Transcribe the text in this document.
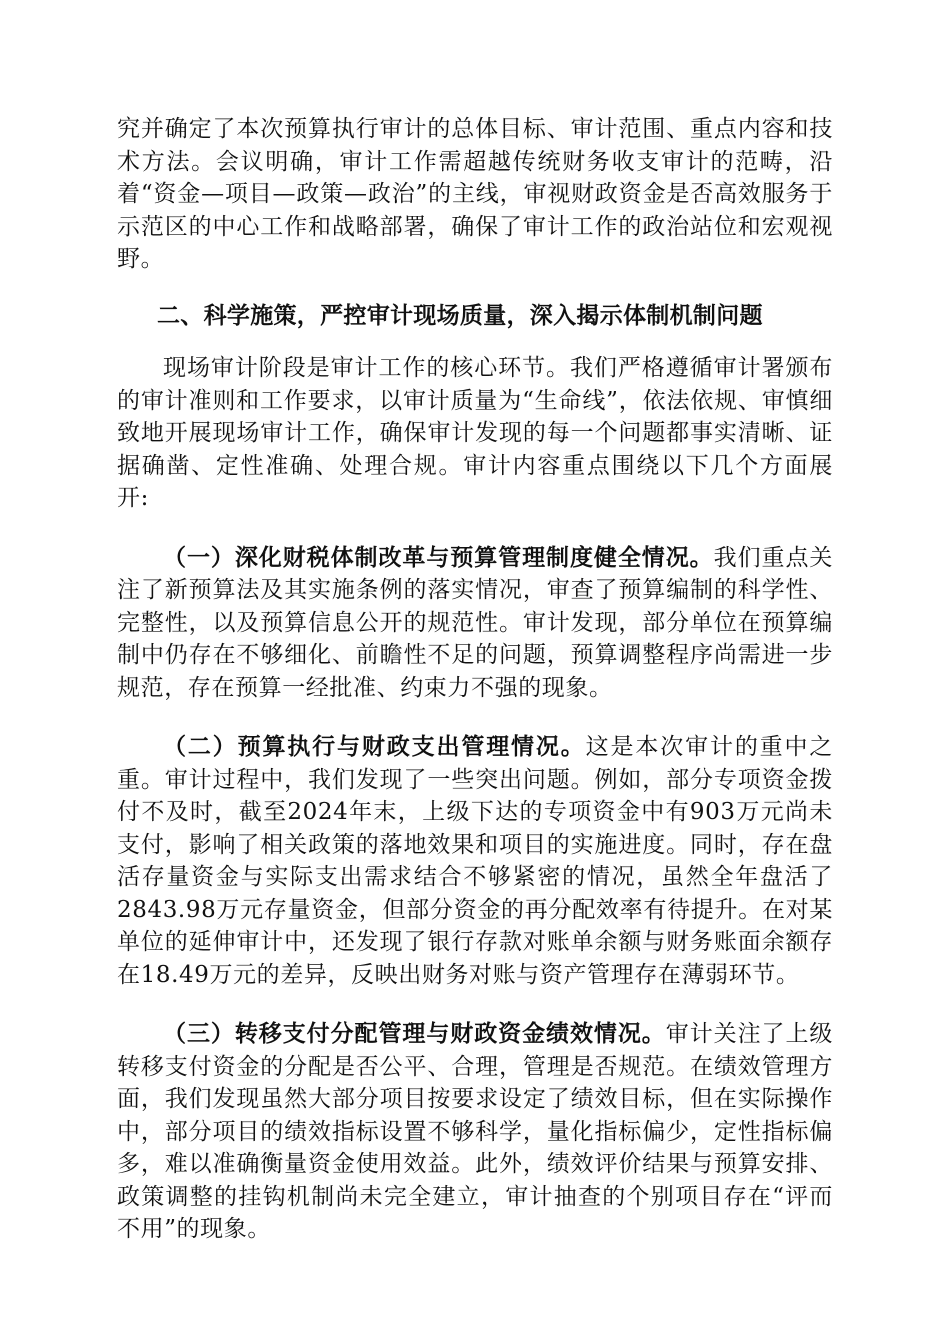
究并确定了本次预算执行审计的总体目标、审计范围、重点内容和技术方法。会议明确，审计工作需超越传统财务收支审计的范畴，沿着“资金—项目—政策—政治”的主线，审视财政资金是否高效服务于示范区的中心工作和战略部署，确保了审计工作的政治站位和宏观视野。

二、科学施策，严控审计现场质量，深入揭示体制机制问题

现场审计阶段是审计工作的核心环节。我们严格遵循审计署颁布的审计准则和工作要求，以审计质量为“生命线”，依法依规、审慎细致地开展现场审计工作，确保审计发现的每一个问题都事实清晰、证据确凿、定性准确、处理合规。审计内容重点围绕以下几个方面展开:

（一）深化财税体制改革与预算管理制度健全情况。我们重点关注了新预算法及其实施条例的落实情况，审查了预算编制的科学性、完整性，以及预算信息公开的规范性。审计发现，部分单位在预算编制中仍存在不够细化、前瞻性不足的问题，预算调整程序尚需进一步规范，存在预算一经批准、约束力不强的现象。

（二）预算执行与财政支出管理情况。这是本次审计的重中之重。审计过程中，我们发现了一些突出问题。例如，部分专项资金拨付不及时，截至2024年末，上级下达的专项资金中有903万元尚未支付，影响了相关政策的落地效果和项目的实施进度。同时，存在盘活存量资金与实际支出需求结合不够紧密的情况，虽然全年盘活了2843.98万元存量资金，但部分资金的再分配效率有待提升。在对某单位的延伸审计中，还发现了银行存款对账单余额与财务账面余额存在18.49万元的差异，反映出财务对账与资产管理存在薄弱环节。

（三）转移支付分配管理与财政资金绩效情况。审计关注了上级转移支付资金的分配是否公平、合理，管理是否规范。在绩效管理方面，我们发现虽然大部分项目按要求设定了绩效目标，但在实际操作中，部分项目的绩效指标设置不够科学，量化指标偏少，定性指标偏多，难以准确衡量资金使用效益。此外，绩效评价结果与预算安排、政策调整的挂钩机制尚未完全建立，审计抽查的个别项目存在“评而不用”的现象。
